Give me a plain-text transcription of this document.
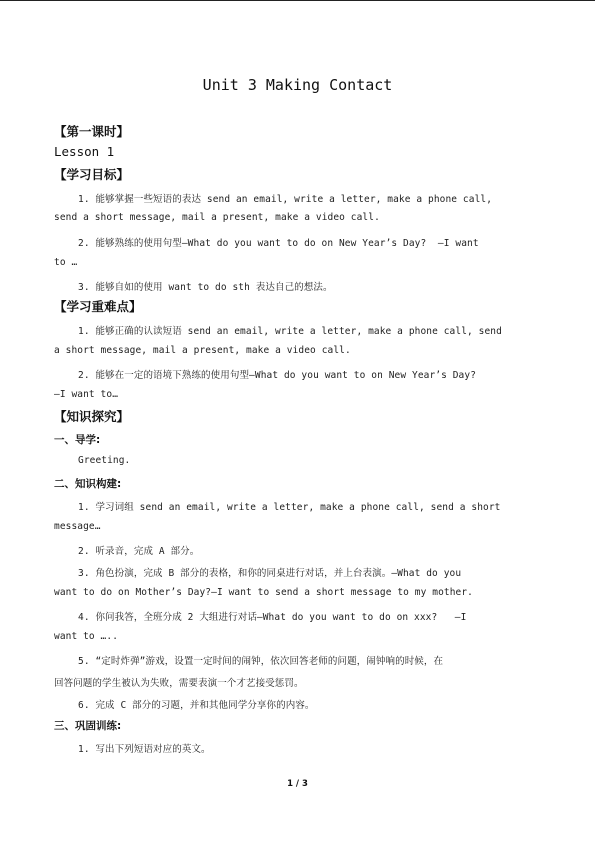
Unit 3 Making Contact
【第一课时】
Lesson 1
【学习目标】
1. 能够掌握一些短语的表达 send an email, write a letter, make a phone call,
send a short message, mail a present, make a video call.
2. 能够熟练的使用句型—What do you want to do on New Year’s Day?  —I want
to …
3. 能够自如的使用 want to do sth 表达自己的想法。
【学习重难点】
1. 能够正确的认读短语 send an email, write a letter, make a phone call, send
a short message, mail a present, make a video call.
2. 能够在一定的语境下熟练的使用句型—What do you want to on New Year’s Day?
—I want to…
【知识探究】
一、导学:
Greeting.
二、知识构建:
1. 学习词组 send an email, write a letter, make a phone call, send a short
message…
2. 听录音，完成 A 部分。
3. 角色扮演，完成 B 部分的表格，和你的同桌进行对话，并上台表演。—What do you
want to do on Mother’s Day?—I want to send a short message to my mother.
4. 你问我答，全班分成 2 大组进行对话—What do you want to do on xxx?   —I
want to …..
5. “定时炸弹”游戏，设置一定时间的闹钟，依次回答老师的问题，闹钟响的时候，在
回答问题的学生被认为失败，需要表演一个才艺接受惩罚。
6. 完成 C 部分的习题，并和其他同学分享你的内容。
三、巩固训练:
1. 写出下列短语对应的英文。
1 / 3
